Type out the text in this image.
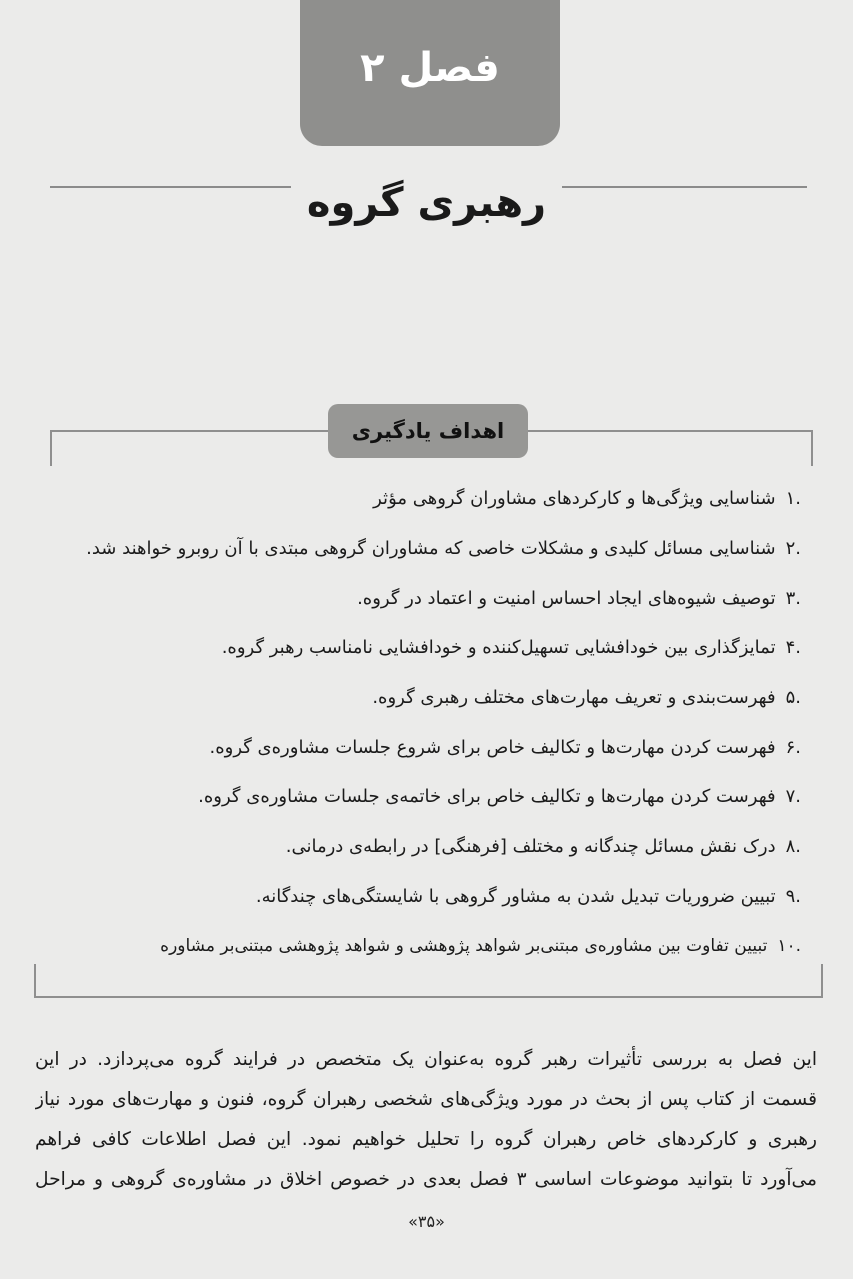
فصل ۲
رهبری گروه
اهداف یادگیری
.۱
شناسایی ویژگی‌ها و کارکردهای مشاوران گروهی مؤثر
.۲
شناسایی مسائل کلیدی و مشکلات خاصی که مشاوران گروهی مبتدی با آن روبرو خواهند شد.
.۳
توصیف شیوه‌های ایجاد احساس امنیت و اعتماد در گروه.
.۴
تمایزگذاری بین خودافشایی تسهیل‌کننده و خودافشایی نامناسب رهبر گروه.
.۵
فهرست‌بندی و تعریف مهارت‌های مختلف رهبری گروه.
.۶
فهرست کردن مهارت‌ها و تکالیف خاص برای شروع جلسات مشاوره‌ی گروه.
.۷
فهرست کردن مهارت‌ها و تکالیف خاص برای خاتمه‌ی جلسات مشاوره‌ی گروه.
.۸
درک نقش مسائل چندگانه و مختلف [فرهنگی] در رابطه‌ی درمانی.
.۹
تبیین ضروریات تبدیل شدن به مشاور گروهی با شایستگی‌های چندگانه.
.۱۰
تبیین تفاوت بین مشاوره‌ی مبتنی‌بر شواهد پژوهشی و شواهد پژوهشی مبتنی‌بر مشاوره

این فصل به بررسی تأثیرات رهبر گروه به‌عنوان یک متخصص در فرایند گروه می‌پردازد. در این
قسمت از کتاب پس از بحث در مورد ویژگی‌های شخصی رهبران گروه، فنون و مهارت‌های مورد نیاز
رهبری و کارکردهای خاص رهبران گروه را تحلیل خواهیم نمود. این فصل اطلاعات کافی فراهم
می‌آورد تا بتوانید موضوعات اساسی ۳ فصل بعدی در خصوص اخلاق در مشاوره‌ی گروهی و مراحل

«۳۵»
